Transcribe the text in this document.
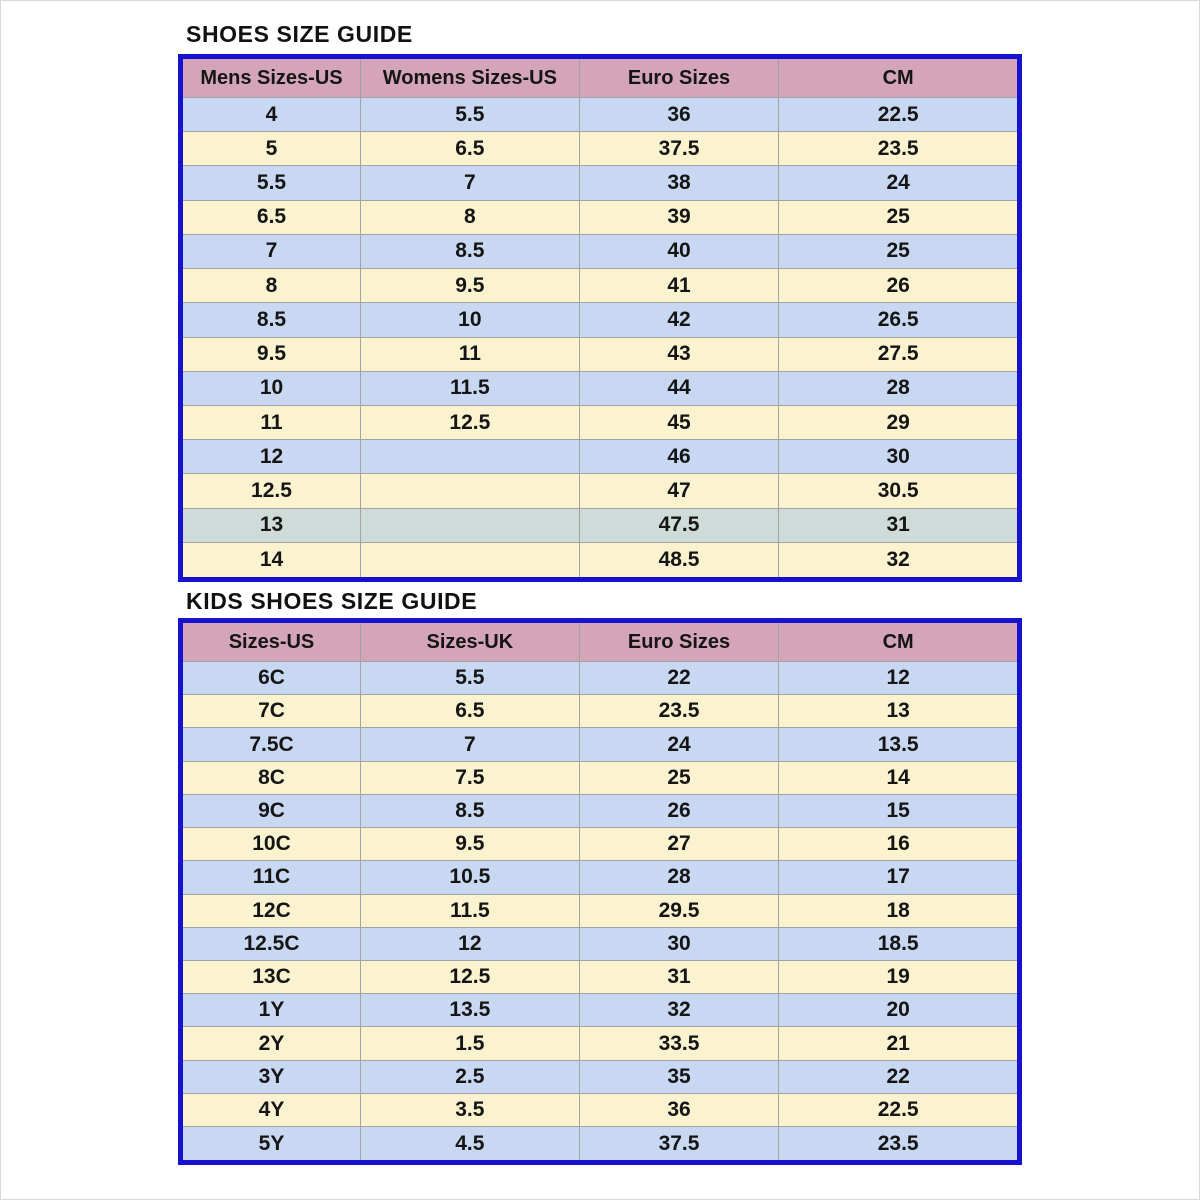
SHOES SIZE GUIDE
Mens Sizes-US	Womens Sizes-US	Euro Sizes	CM
4	5.5	36	22.5
5	6.5	37.5	23.5
5.5	7	38	24
6.5	8	39	25
7	8.5	40	25
8	9.5	41	26
8.5	10	42	26.5
9.5	11	43	27.5
10	11.5	44	28
11	12.5	45	29
12		46	30
12.5		47	30.5
13		47.5	31
14		48.5	32
KIDS SHOES SIZE GUIDE
Sizes-US	Sizes-UK	Euro Sizes	CM
6C	5.5	22	12
7C	6.5	23.5	13
7.5C	7	24	13.5
8C	7.5	25	14
9C	8.5	26	15
10C	9.5	27	16
11C	10.5	28	17
12C	11.5	29.5	18
12.5C	12	30	18.5
13C	12.5	31	19
1Y	13.5	32	20
2Y	1.5	33.5	21
3Y	2.5	35	22
4Y	3.5	36	22.5
5Y	4.5	37.5	23.5
